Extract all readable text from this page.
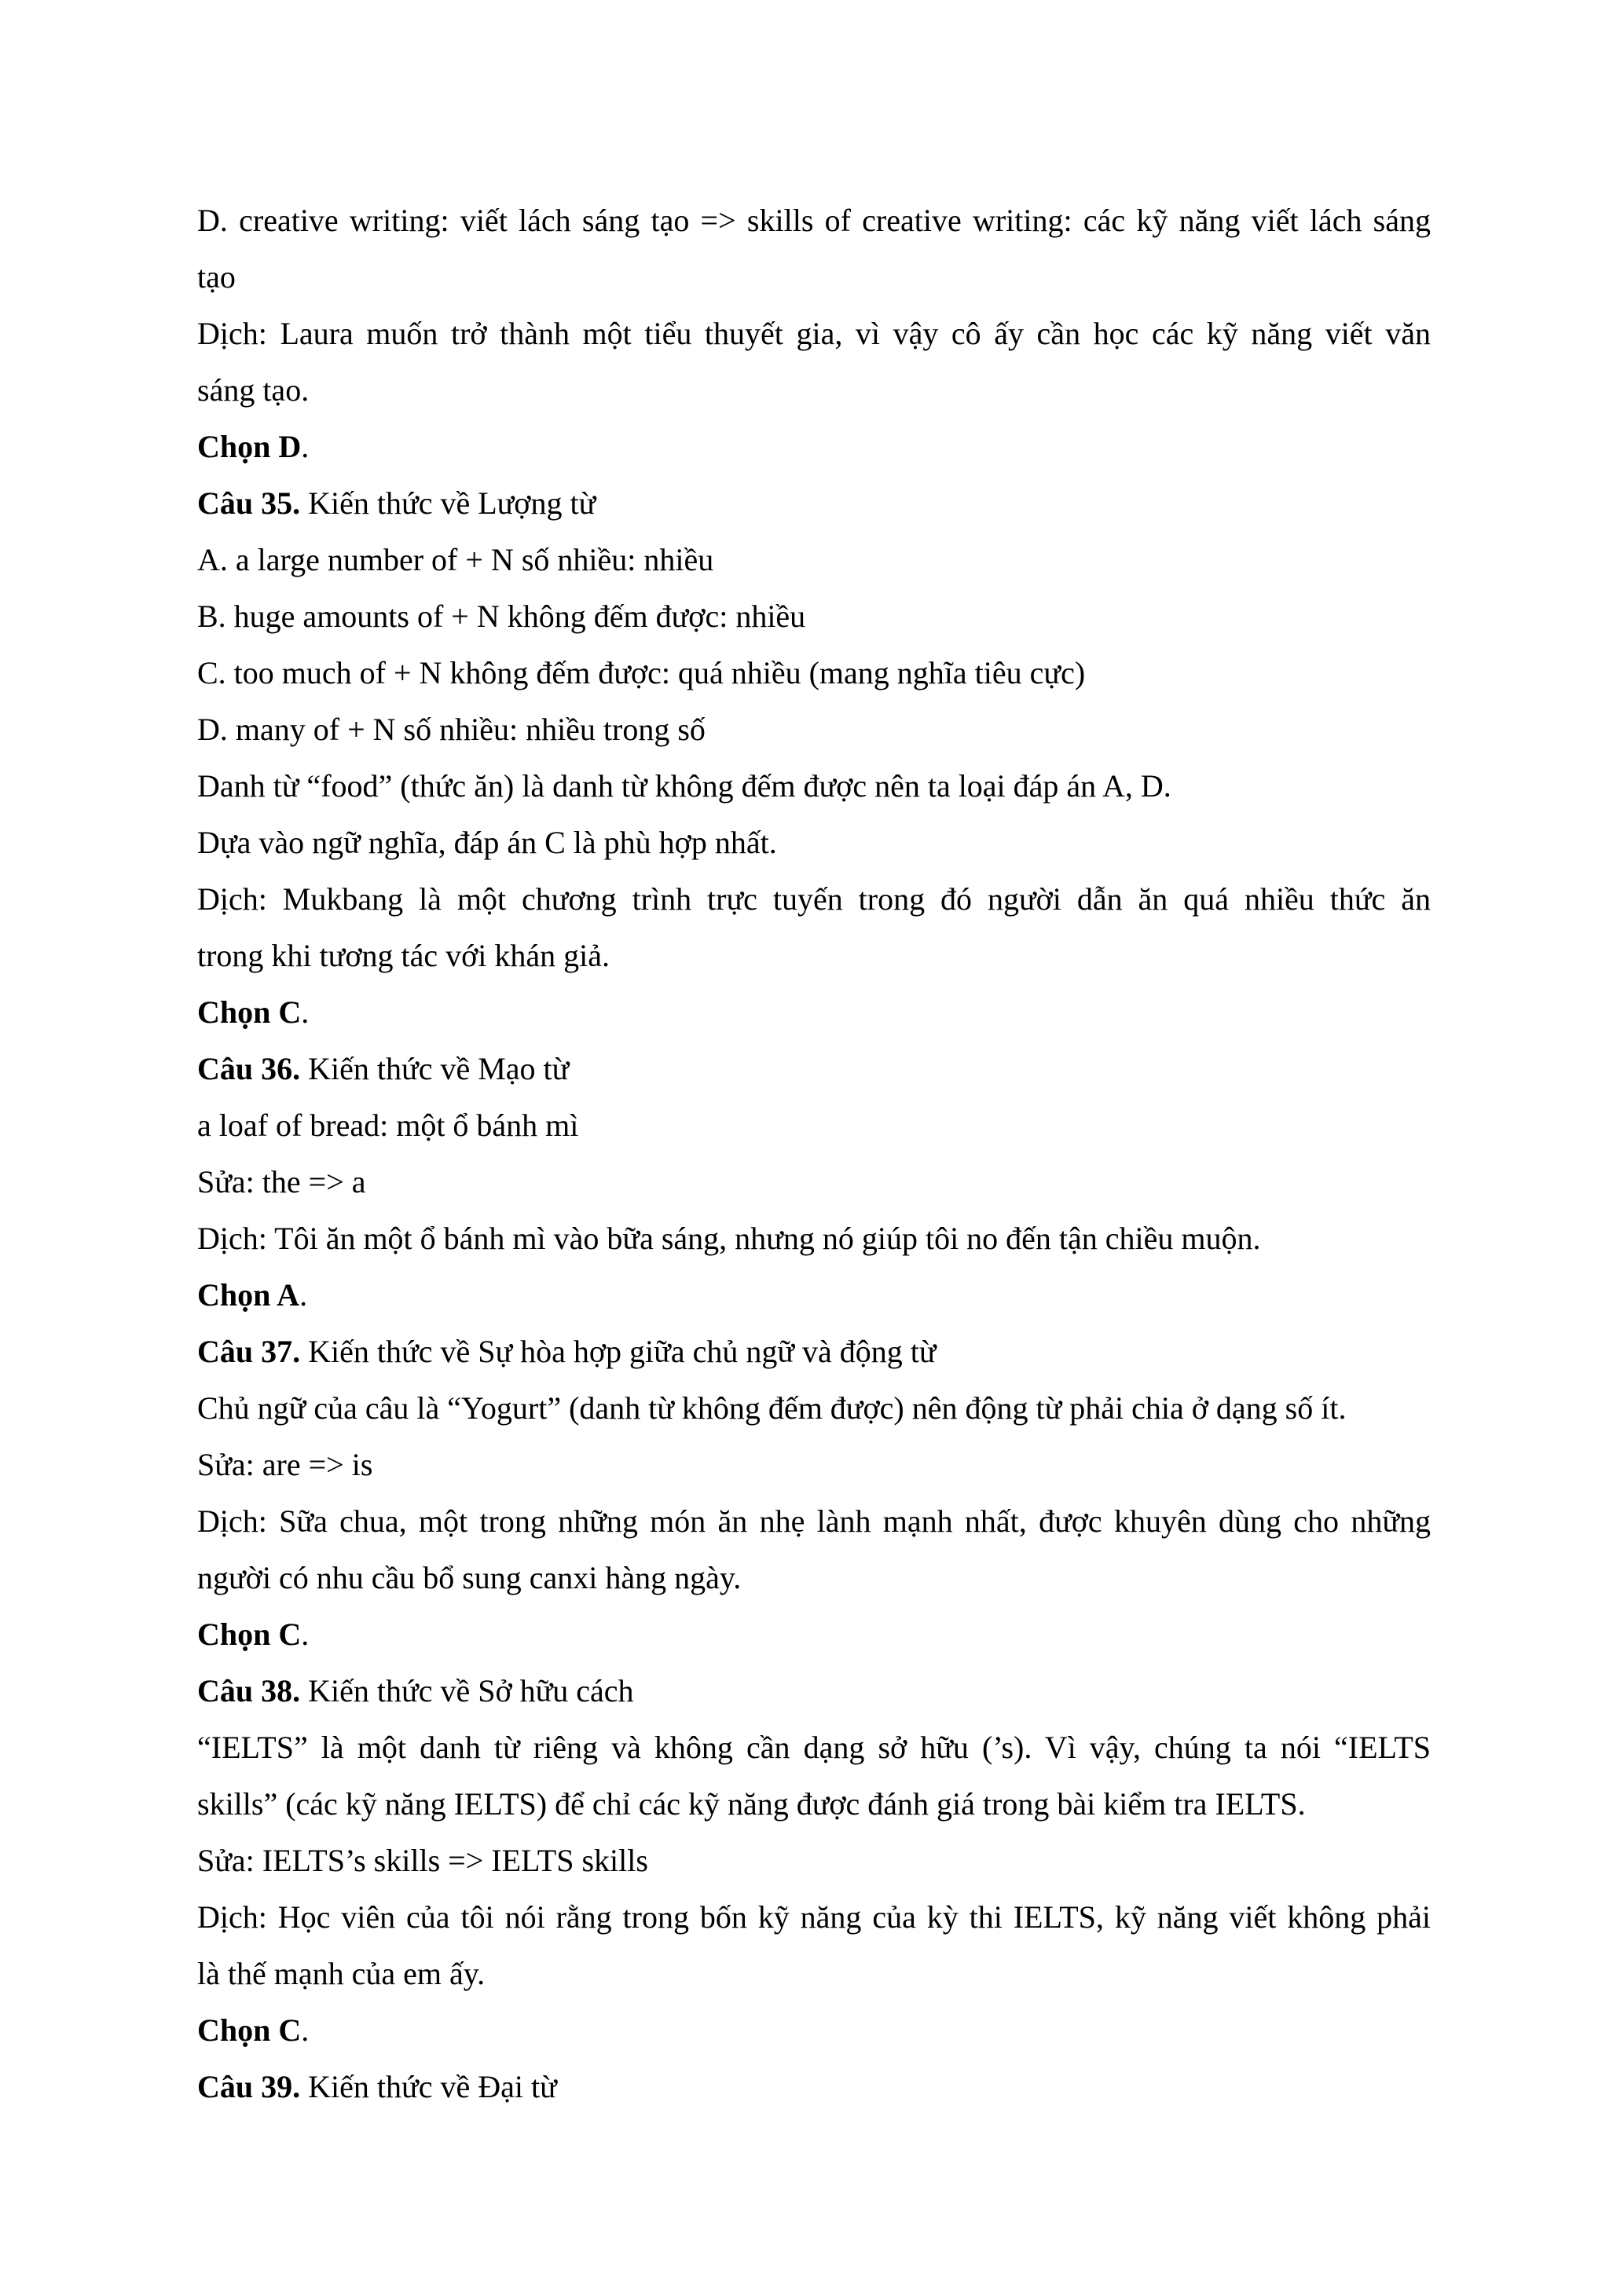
D. creative writing: viết lách sáng tạo => skills of creative writing: các kỹ năng viết lách sáng
tạo
Dịch: Laura muốn trở thành một tiểu thuyết gia, vì vậy cô ấy cần học các kỹ năng viết văn
sáng tạo.
Chọn D.
Câu 35. Kiến thức về Lượng từ
A. a large number of + N số nhiều: nhiều
B. huge amounts of + N không đếm được: nhiều
C. too much of + N không đếm được: quá nhiều (mang nghĩa tiêu cực)
D. many of + N số nhiều: nhiều trong số
Danh từ “food” (thức ăn) là danh từ không đếm được nên ta loại đáp án A, D.
Dựa vào ngữ nghĩa, đáp án C là phù hợp nhất.
Dịch: Mukbang là một chương trình trực tuyến trong đó người dẫn ăn quá nhiều thức ăn
trong khi tương tác với khán giả.
Chọn C.
Câu 36. Kiến thức về Mạo từ
a loaf of bread: một ổ bánh mì
Sửa: the => a
Dịch: Tôi ăn một ổ bánh mì vào bữa sáng, nhưng nó giúp tôi no đến tận chiều muộn.
Chọn A.
Câu 37. Kiến thức về Sự hòa hợp giữa chủ ngữ và động từ
Chủ ngữ của câu là “Yogurt” (danh từ không đếm được) nên động từ phải chia ở dạng số ít.
Sửa: are => is
Dịch: Sữa chua, một trong những món ăn nhẹ lành mạnh nhất, được khuyên dùng cho những
người có nhu cầu bổ sung canxi hàng ngày.
Chọn C.
Câu 38. Kiến thức về Sở hữu cách
“IELTS” là một danh từ riêng và không cần dạng sở hữu (’s). Vì vậy, chúng ta nói “IELTS
skills” (các kỹ năng IELTS) để chỉ các kỹ năng được đánh giá trong bài kiểm tra IELTS.
Sửa: IELTS’s skills => IELTS skills
Dịch: Học viên của tôi nói rằng trong bốn kỹ năng của kỳ thi IELTS, kỹ năng viết không phải
là thế mạnh của em ấy.
Chọn C.
Câu 39. Kiến thức về Đại từ
